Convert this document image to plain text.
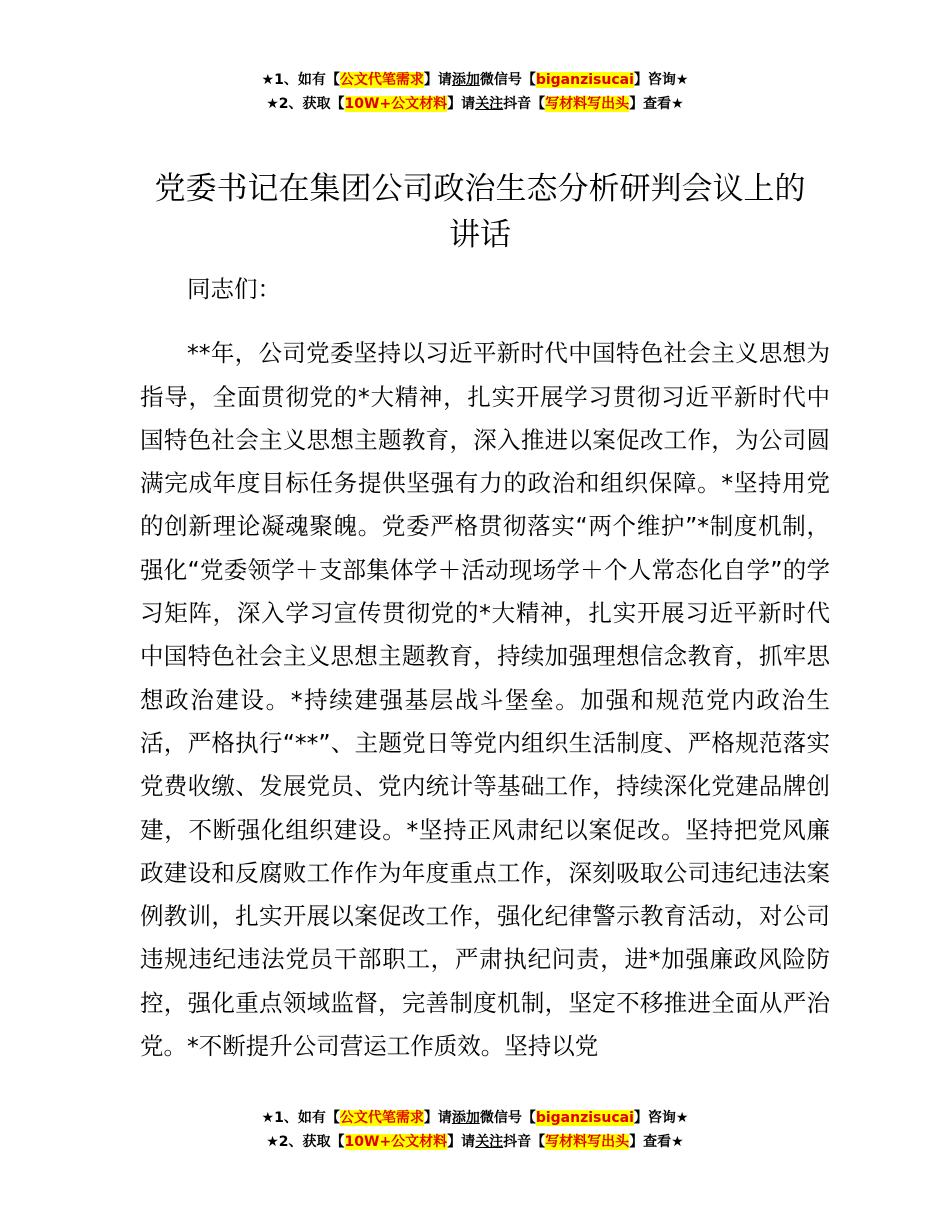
★1、如有【公文代笔需求】请添加微信号【biganzisucai】咨询★
★2、获取【10W+公文材料】请关注抖音【写材料写出头】查看★
党委书记在集团公司政治生态分析研判会议上的讲话

同志们：

**年，公司党委坚持以习近平新时代中国特色社会主义思想为指导，全面贯彻党的*大精神，扎实开展学习贯彻习近平新时代中国特色社会主义思想主题教育，深入推进以案促改工作，为公司圆满完成年度目标任务提供坚强有力的政治和组织保障。*坚持用党的创新理论凝魂聚魄。党委严格贯彻落实“两个维护”*制度机制，强化“党委领学＋支部集体学＋活动现场学＋个人常态化自学”的学习矩阵，深入学习宣传贯彻党的*大精神，扎实开展习近平新时代中国特色社会主义思想主题教育，持续加强理想信念教育，抓牢思想政治建设。*持续建强基层战斗堡垒。加强和规范党内政治生活，严格执行“**”、主题党日等党内组织生活制度、严格规范落实党费收缴、发展党员、党内统计等基础工作，持续深化党建品牌创建，不断强化组织建设。*坚持正风肃纪以案促改。坚持把党风廉政建设和反腐败工作作为年度重点工作，深刻吸取公司违纪违法案例教训，扎实开展以案促改工作，强化纪律警示教育活动，对公司违规违纪违法党员干部职工，严肃执纪问责，进*加强廉政风险防控，强化重点领域监督，完善制度机制，坚定不移推进全面从严治党。*不断提升公司营运工作质效。坚持以党

★1、如有【公文代笔需求】请添加微信号【biganzisucai】咨询★
★2、获取【10W+公文材料】请关注抖音【写材料写出头】查看★
